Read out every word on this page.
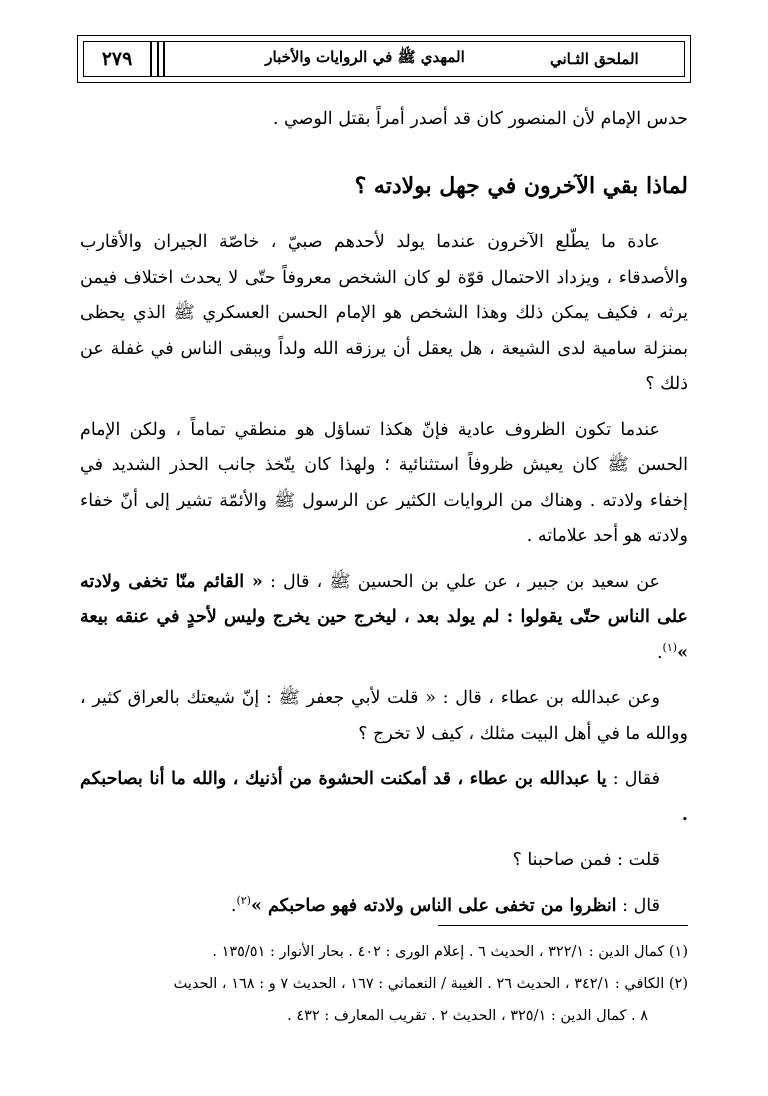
٢٧٩	المهدي ﷺ في الروايات والأخبار	الملحق الثـاني

حدس الإمام لأن المنصور كان قد أصدر أمراً بقتل الوصي .

لماذا بقي الآخرون في جهل بولادته ؟

عادة ما يطّلع الآخرون عندما يولد لأحدهم صبيّ ، خاصّة الجيران والأقارب والأصدقاء ، ويزداد الاحتمال قوّة لو كان الشخص معروفاً حتّى لا يحدث اختلاف فيمن يرثه ، فكيف يمكن ذلك وهذا الشخص هو الإمام الحسن العسكري ﷺ الذي يحظى بمنزلة سامية لدى الشيعة ، هل يعقل أن يرزقه الله ولداً ويبقى الناس في غفلة عن ذلك ؟

عندما تكون الظروف عادية فإنّ هكذا تساؤل هو منطقي تماماً ، ولكن الإمام الحسن ﷺ كان يعيش ظروفاً استثنائية ؛ ولهذا كان يتّخذ جانب الحذر الشديد في إخفاء ولادته . وهناك من الروايات الكثير عن الرسول ﷺ والأئمّة تشير إلى أنّ خفاء ولادته هو أحد علاماته .

عن سعيد بن جبير ، عن علي بن الحسين ﷺ ، قال : « القائم منّا تخفى ولادته على الناس حتّى يقولوا : لم يولد بعد ، ليخرج حين يخرج وليس لأحدٍ في عنقه بيعة »$^{(١)}$.

وعن عبدالله بن عطاء ، قال : « قلت لأبي جعفر ﷺ : إنّ شيعتك بالعراق كثير ، ووالله ما في أهل البيت مثلك ، كيف لا تخرج ؟

فقال : يا عبدالله بن عطاء ، قد أمكنت الحشوة من أذنيك ، والله ما أنا بصاحبكم .

قلت : فمن صاحبنا ؟

قال : انظروا من تخفى على الناس ولادته فهو صاحبكم »$^{(٢)}$.

(١) كمال الدين : ٣٢٢/١ ، الحديث ٦ . إعلام الورى : ٤٠٢ . بحار الأنوار : ١٣٥/٥١ .

(٢) الكافي : ٣٤٢/١ ، الحديث ٢٦ . الغيبة / النعماني : ١٦٧ ، الحديث ٧ و : ١٦٨ ، الحديث

٨ . كمال الدين : ٣٢٥/١ ، الحديث ٢ . تقريب المعارف : ٤٣٢ .
